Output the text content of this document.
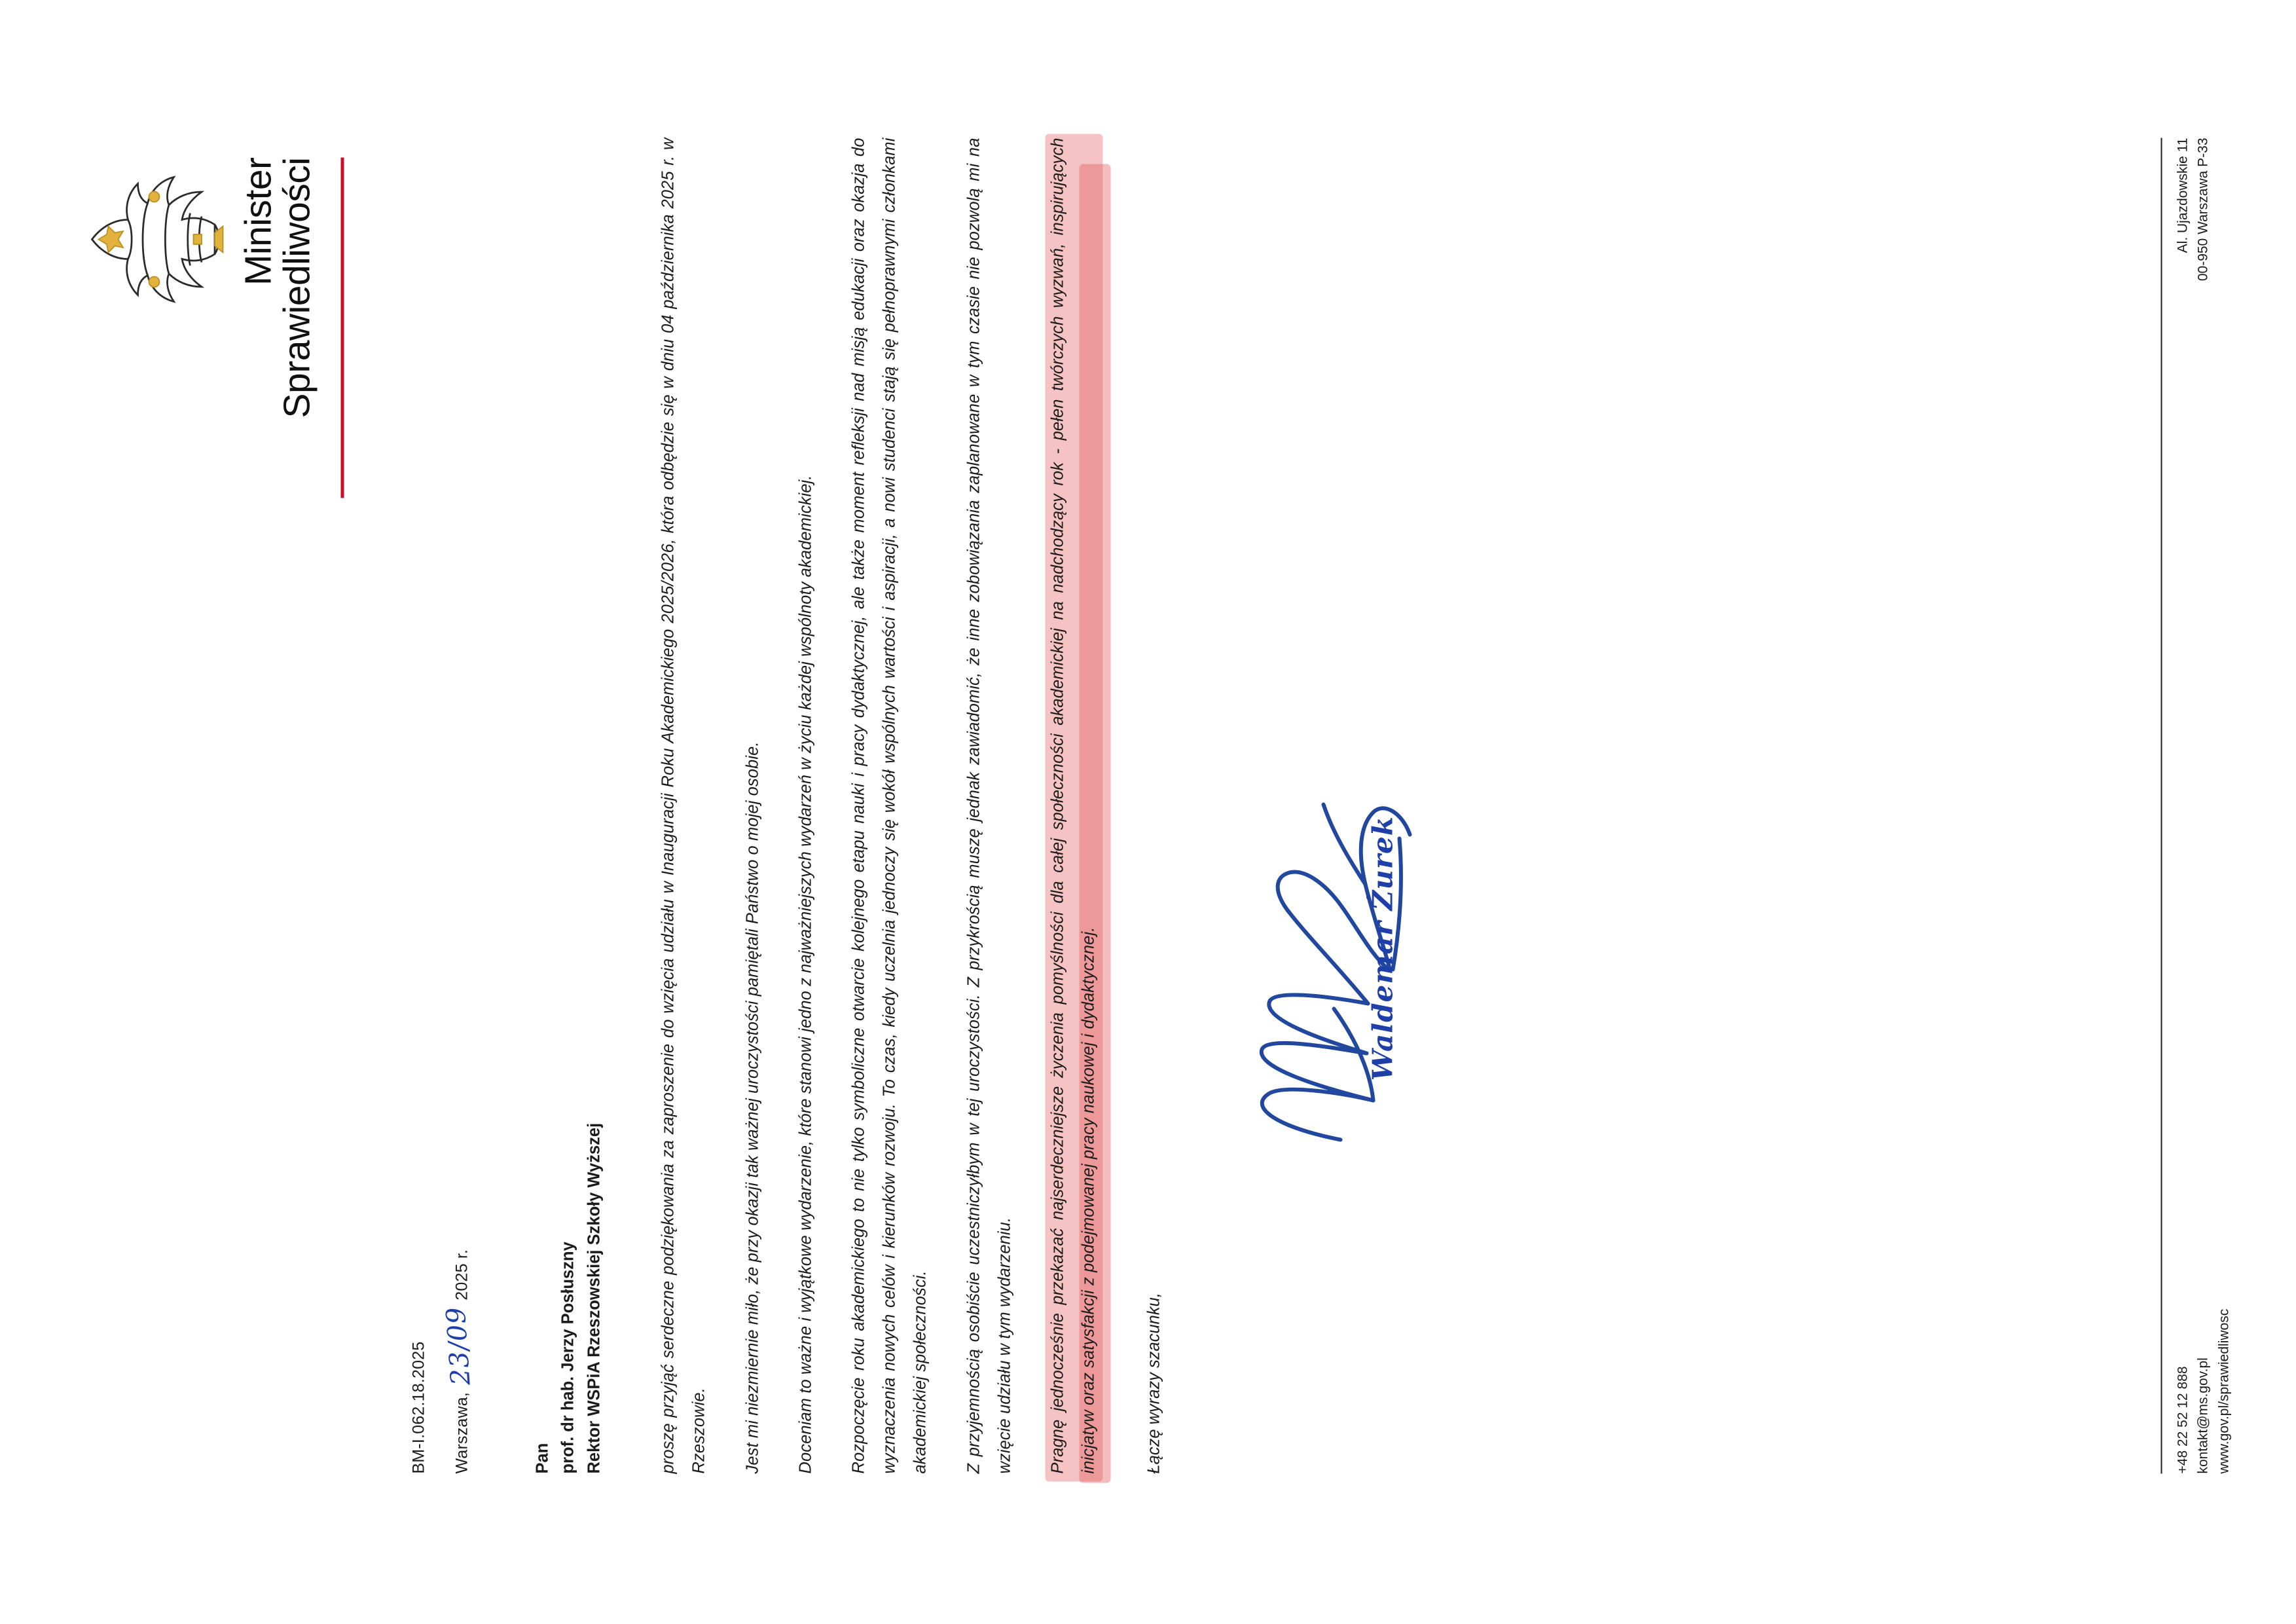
Minister
Sprawiedliwości
BM-I.062.18.2025 Warszawa,
23/09
2025 r.
Pan prof. dr hab. Jerzy Posłuszny Rektor WSPiA Rzeszowskiej Szkoły Wyższej	proszę przyjąć serdeczne podziękowania za zaproszenie do wzięcia udziału w Inauguracji Roku Akademickiego 2025/2026, która odbędzie się w dniu 04 października 2025 r. w Rzeszowie.	Jest mi niezmiernie miło, że przy okazji tak ważnej uroczystości pamiętali Państwo o mojej osobie.	Doceniam to ważne i wyjątkowe wydarzenie, które stanowi jedno z najważniejszych wydarzeń w życiu każdej wspólnoty akademickiej.	Rozpoczęcie roku akademickiego to nie tylko symboliczne otwarcie kolejnego etapu nauki i pracy dydaktycznej, ale także moment refleksji nad misją edukacji oraz okazja do wyznaczenia nowych celów i kierunków rozwoju. To czas, kiedy uczelnia jednoczy się wokół wspólnych wartości i aspiracji, a nowi studenci stają się pełnoprawnymi członkami akademickiej społeczności.	Z przyjemnością osobiście uczestniczyłbym w tej uroczystości. Z przykrością muszę jednak zawiadomić, że inne zobowiązania zaplanowane w tym czasie nie pozwolą mi na wzięcie udziału w tym wydarzeniu.	Pragnę jednocześnie przekazać najserdeczniejsze życzenia pomyślności dla całej społeczności akademickiej na nadchodzący rok - pełen twórczych wyzwań, inspirujących inicjatyw oraz satysfakcji z podejmowanej pracy naukowej i dydaktycznej.	Łączę wyrazy szacunku,
Waldemar Żurek
+48 22 52 12 888 kontakt@ms.gov.pl www.gov.pl/sprawiedliwosc
Al. Ujazdowskie 11 00-950 Warszawa P-33
